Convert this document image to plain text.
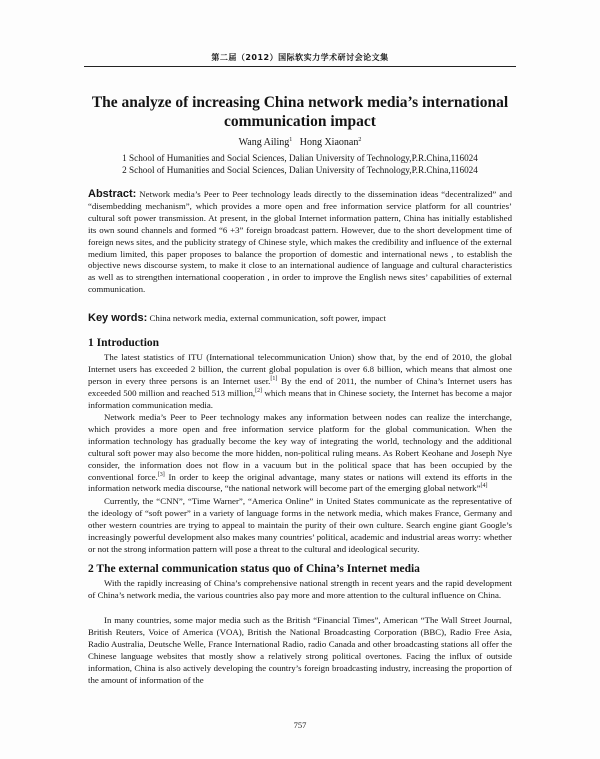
第二届（2012）国际软实力学术研讨会论文集
The analyze of increasing China network media’s international communication impact
Wang Ailing$^1$ Hong Xiaonan$^2$
1 School of Humanities and Social Sciences, Dalian University of Technology,P.R.China,116024
2 School of Humanities and Social Sciences, Dalian University of Technology,P.R.China,116024

Abstract: Network media’s Peer to Peer technology leads directly to the dissemination ideas “decentralized” and “disembedding mechanism”, which provides a more open and free information service platform for all countries’ cultural soft power transmission. At present, in the global Internet information pattern, China has initially established its own sound channels and formed “6 +3” foreign broadcast pattern. However, due to the short development time of foreign news sites, and the publicity strategy of Chinese style, which makes the credibility and influence of the external medium limited, this paper proposes to balance the proportion of domestic and international news , to establish the objective news discourse system, to make it close to an international audience of language and cultural characteristics as well as to strengthen international cooperation , in order to improve the English news sites’ capabilities of external communication.

Key words: China network media, external communication, soft power, impact

1 Introduction

The latest statistics of ITU (International telecommunication Union) show that, by the end of 2010, the global Internet users has exceeded 2 billion, the current global population is over 6.8 billion, which means that almost one person in every three persons is an Internet user.[1] By the end of 2011, the number of China’s Internet users has exceeded 500 million and reached 513 million,[2] which means that in Chinese society, the Internet has become a major information communication media.

Network media’s Peer to Peer technology makes any information between nodes can realize the interchange, which provides a more open and free information service platform for the global communication. When the information technology has gradually become the key way of integrating the world, technology and the additional cultural soft power may also become the more hidden, non-political ruling means. As Robert Keohane and Joseph Nye consider, the information does not flow in a vacuum but in the political space that has been occupied by the conventional force.[3] In order to keep the original advantage, many states or nations will extend its efforts in the information network media discourse, “the national network will become part of the emerging global network”[4]

Currently, the “CNN”, “Time Warner”, “America Online” in United States communicate as the representative of the ideology of “soft power” in a variety of language forms in the network media, which makes France, Germany and other western countries are trying to appeal to maintain the purity of their own culture. Search engine giant Google’s increasingly powerful development also makes many countries’ political, academic and industrial areas worry: whether or not the strong information pattern will pose a threat to the cultural and ideological security.

2 The external communication status quo of China’s Internet media

With the rapidly increasing of China’s comprehensive national strength in recent years and the rapid development of China’s network media, the various countries also pay more and more attention to the cultural influence on China.

In many countries, some major media such as the British “Financial Times”, American “The Wall Street Journal, British Reuters, Voice of America (VOA), British the National Broadcasting Corporation (BBC), Radio Free Asia, Radio Australia, Deutsche Welle, France International Radio, radio Canada and other broadcasting stations all offer the Chinese language websites that mostly show a relatively strong political overtones. Facing the influx of outside information, China is also actively developing the country’s foreign broadcasting industry, increasing the proportion of the amount of information of the

757
